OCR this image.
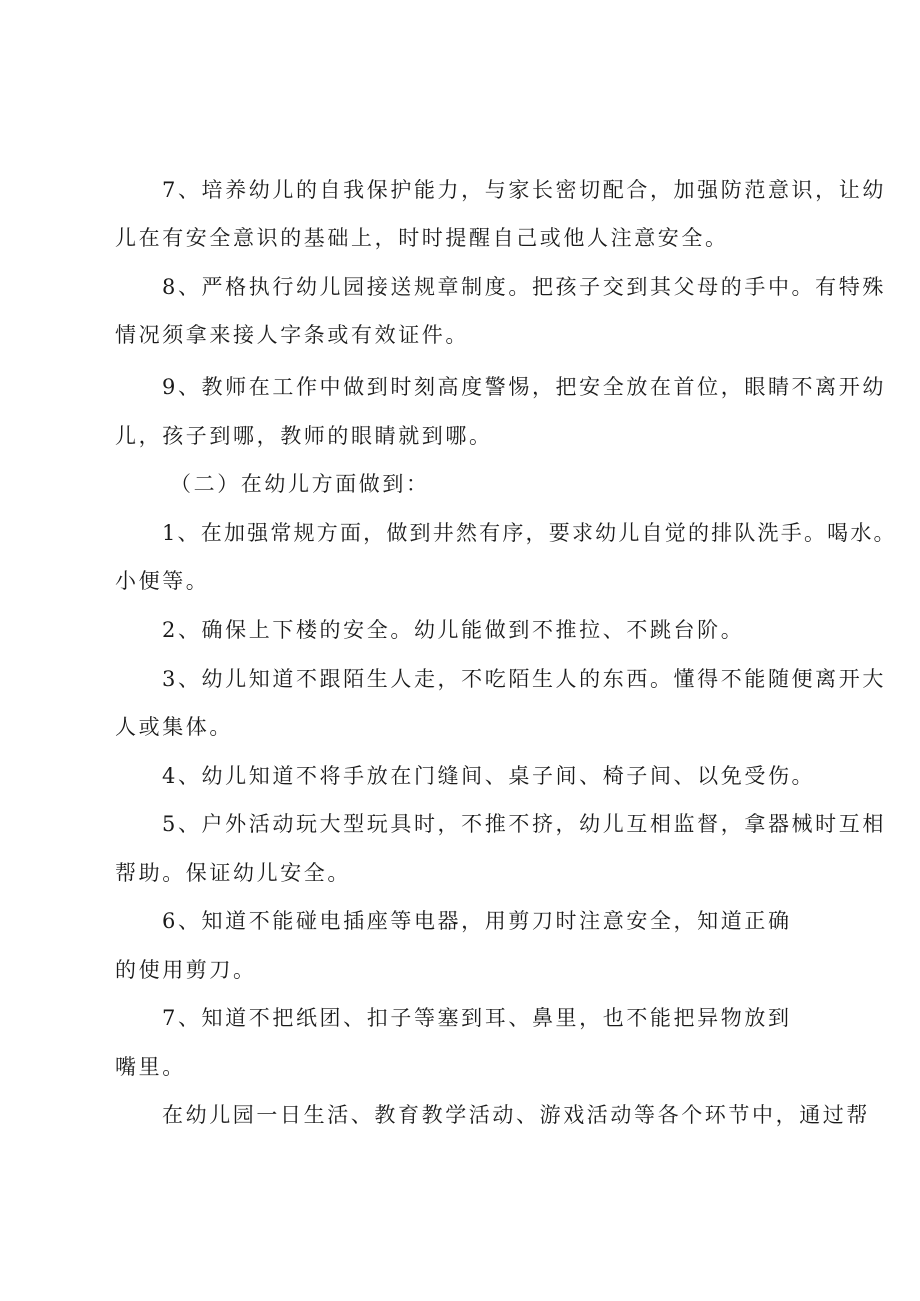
7、培养幼儿的自我保护能力，与家长密切配合，加强防范意识，让幼
儿在有安全意识的基础上，时时提醒自己或他人注意安全。
8、严格执行幼儿园接送规章制度。把孩子交到其父母的手中。有特殊
情况须拿来接人字条或有效证件。
9、教师在工作中做到时刻高度警惕，把安全放在首位，眼睛不离开幼
儿，孩子到哪，教师的眼睛就到哪。
（二）在幼儿方面做到：
1、在加强常规方面，做到井然有序，要求幼儿自觉的排队洗手。喝水。
小便等。
2、确保上下楼的安全。幼儿能做到不推拉、不跳台阶。
3、幼儿知道不跟陌生人走，不吃陌生人的东西。懂得不能随便离开大
人或集体。
4、幼儿知道不将手放在门缝间、桌子间、椅子间、以免受伤。
5、户外活动玩大型玩具时，不推不挤，幼儿互相监督，拿器械时互相
帮助。保证幼儿安全。
6、知道不能碰电插座等电器，用剪刀时注意安全，知道正确
的使用剪刀。
7、知道不把纸团、扣子等塞到耳、鼻里，也不能把异物放到
嘴里。
在幼儿园一日生活、教育教学活动、游戏活动等各个环节中，通过帮
